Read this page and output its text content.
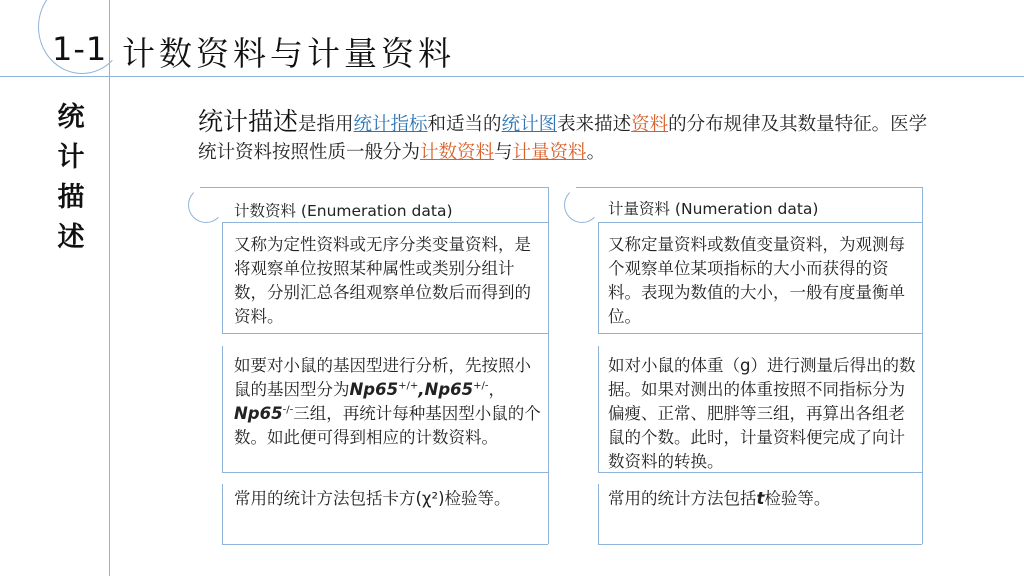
1-1 计数资料与计量资料
统
计
描
述
统计描述是指用统计指标和适当的统计图表来描述资料的分布规律及其数量特征。医学统计资料按照性质一般分为计数资料与计量资料。
计数资料 (Enumeration data)
又称为定性资料或无序分类变量资料，是将观察单位按照某种属性或类别分组计数，分别汇总各组观察单位数后而得到的资料。
如要对小鼠的基因型进行分析，先按照小鼠的基因型分为Np65+/+,Np65+/-，Np65-/-三组，再统计每种基因型小鼠的个数。如此便可得到相应的计数资料。
常用的统计方法包括卡方(χ²)检验等。
计量资料 (Numeration data)
又称定量资料或数值变量资料，为观测每个观察单位某项指标的大小而获得的资料。表现为数值的大小，一般有度量衡单位。
如对小鼠的体重（g）进行测量后得出的数据。如果对测出的体重按照不同指标分为偏瘦、正常、肥胖等三组，再算出各组老鼠的个数。此时，计量资料便完成了向计数资料的转换。
常用的统计方法包括t检验等。
